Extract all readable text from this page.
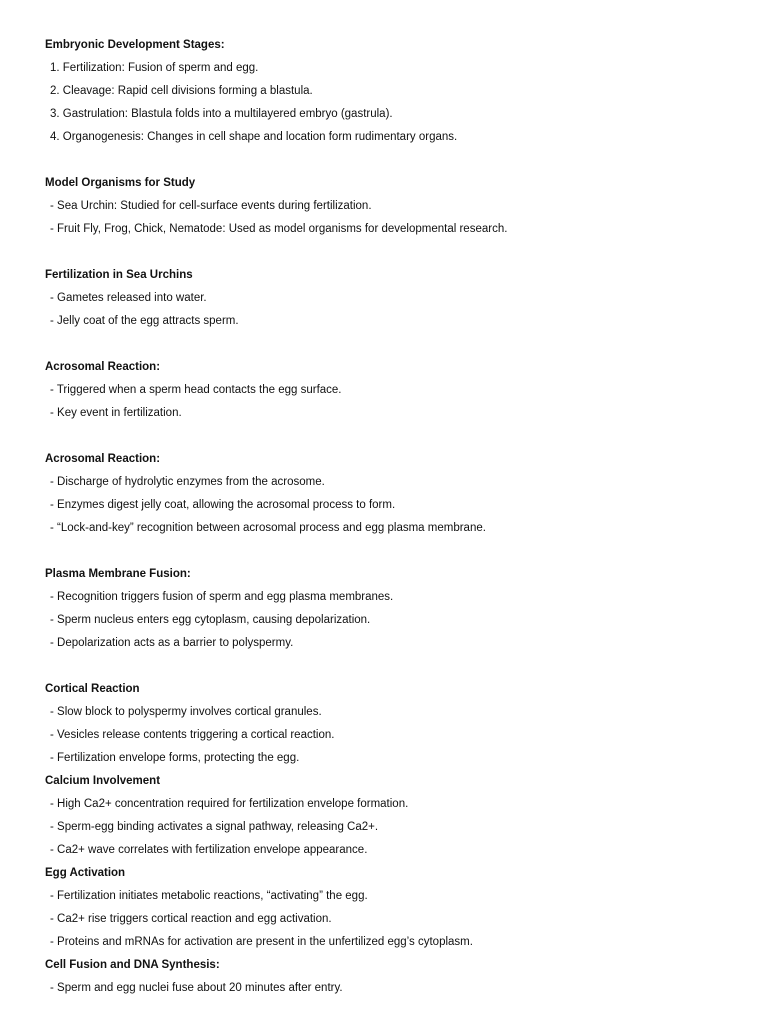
Embryonic Development Stages:
1. Fertilization: Fusion of sperm and egg.
2. Cleavage: Rapid cell divisions forming a blastula.
3. Gastrulation: Blastula folds into a multilayered embryo (gastrula).
4. Organogenesis: Changes in cell shape and location form rudimentary organs.
Model Organisms for Study
- Sea Urchin: Studied for cell-surface events during fertilization.
- Fruit Fly, Frog, Chick, Nematode: Used as model organisms for developmental research.
Fertilization in Sea Urchins
- Gametes released into water.
- Jelly coat of the egg attracts sperm.
Acrosomal Reaction:
- Triggered when a sperm head contacts the egg surface.
- Key event in fertilization.
Acrosomal Reaction:
- Discharge of hydrolytic enzymes from the acrosome.
- Enzymes digest jelly coat, allowing the acrosomal process to form.
- “Lock-and-key” recognition between acrosomal process and egg plasma membrane.
Plasma Membrane Fusion:
- Recognition triggers fusion of sperm and egg plasma membranes.
- Sperm nucleus enters egg cytoplasm, causing depolarization.
- Depolarization acts as a barrier to polyspermy.
Cortical Reaction
- Slow block to polyspermy involves cortical granules.
- Vesicles release contents triggering a cortical reaction.
- Fertilization envelope forms, protecting the egg.
Calcium Involvement
- High Ca2+ concentration required for fertilization envelope formation.
- Sperm-egg binding activates a signal pathway, releasing Ca2+.
- Ca2+ wave correlates with fertilization envelope appearance.
Egg Activation
- Fertilization initiates metabolic reactions, “activating” the egg.
- Ca2+ rise triggers cortical reaction and egg activation.
- Proteins and mRNAs for activation are present in the unfertilized egg’s cytoplasm.
Cell Fusion and DNA Synthesis:
- Sperm and egg nuclei fuse about 20 minutes after entry.
